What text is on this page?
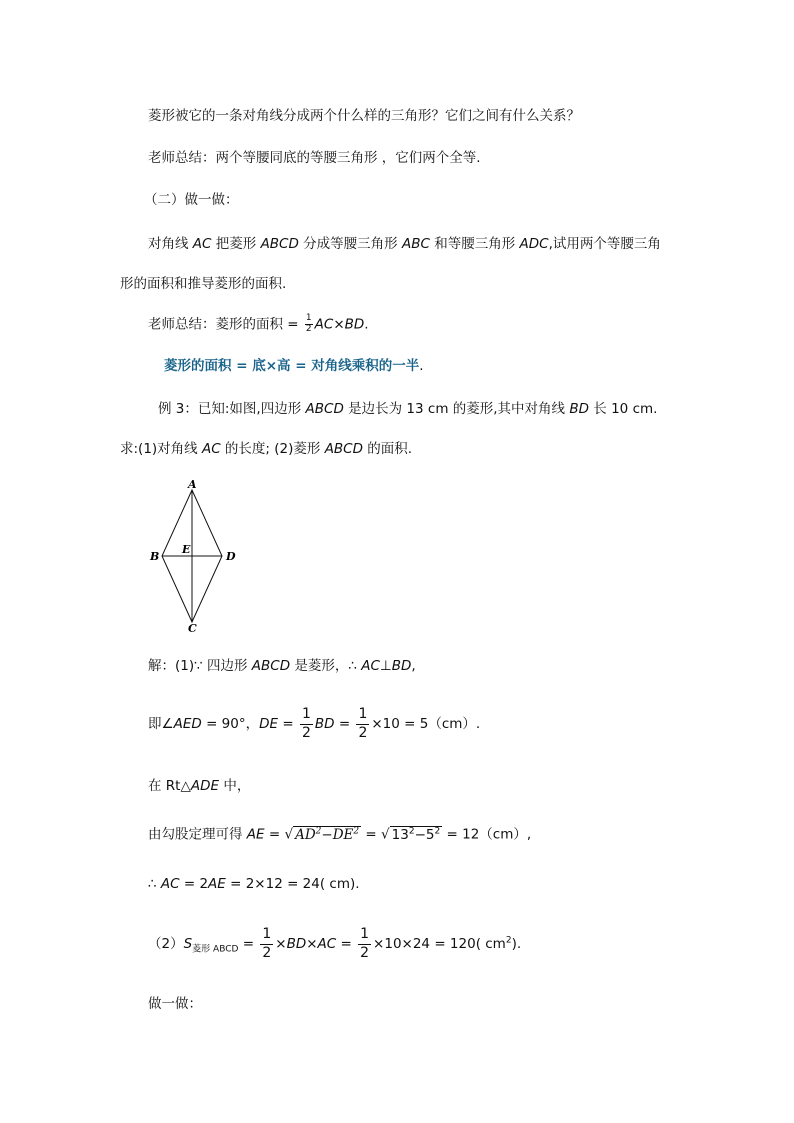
菱形被它的一条对角线分成两个什么样的三角形？它们之间有什么关系？
老师总结：两个等腰同底的等腰三角形 ，它们两个全等.
（二）做一做：
对角线 AC 把菱形 ABCD 分成等腰三角形 ABC 和等腰三角形 ADC,试用两个等腰三角
形的面积和推导菱形的面积.
老师总结：菱形的面积 = $\frac{1}{2} AC\times BD$.
菱形的面积 = 底×高 = 对角线乘积的一半.
例 3：已知:如图,四边形 ABCD 是边长为 13 cm 的菱形,其中对角线 BD 长 10 cm.
求:(1)对角线 AC 的长度; (2)菱形 ABCD 的面积.
A
B
C
D
E
解：(1)∵ 四边形 ABCD 是菱形，∴ AC⊥BD,
即∠AED = 90°，DE = $\frac{1}{2}$ BD = $\frac{1}{2} \times 10 = 5(cm)$.
在 Rt△ADE 中，
由勾股定理可得 AE = √ $AD^2-DE^2$ = √ $13^2-5^2 = 12(cm)$,
∴ AC = 2AE = 2×12 = 24( cm).
$(2)S_{菱形 ABCD} = \frac{1}{2} \times BD\times AC = \frac{1}{2} \times 10\times 24 = 120$( $cm^2$).
做一做：
